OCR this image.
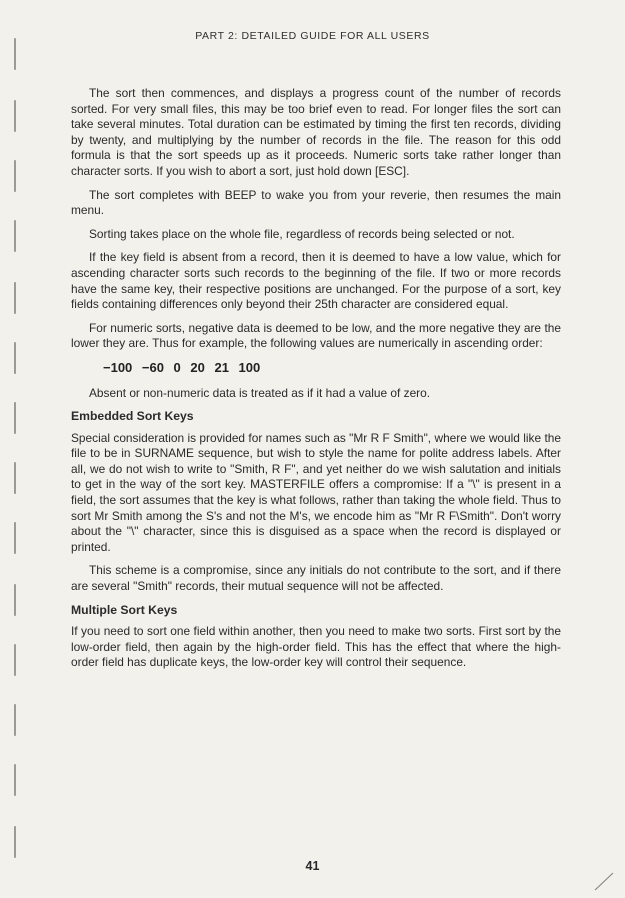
PART 2: DETAILED GUIDE FOR ALL USERS

The sort then commences, and displays a progress count of the number of records sorted. For very small files, this may be too brief even to read. For longer files the sort can take several minutes. Total duration can be estimated by timing the first ten records, dividing by twenty, and multiplying by the number of records in the file. The reason for this odd formula is that the sort speeds up as it proceeds. Numeric sorts take rather longer than character sorts. If you wish to abort a sort, just hold down [ESC].

The sort completes with BEEP to wake you from your reverie, then resumes the main menu.

Sorting takes place on the whole file, regardless of records being selected or not.

If the key field is absent from a record, then it is deemed to have a low value, which for ascending character sorts such records to the beginning of the file. If two or more records have the same key, their respective positions are unchanged. For the purpose of a sort, key fields containing differences only beyond their 25th character are considered equal.

For numeric sorts, negative data is deemed to be low, and the more negative they are the lower they are. Thus for example, the following values are numerically in ascending order:

−100 −60 0 20 21 100

Absent or non-numeric data is treated as if it had a value of zero.

Embedded Sort Keys

Special consideration is provided for names such as "Mr R F Smith", where we would like the file to be in SURNAME sequence, but wish to style the name for polite address labels. After all, we do not wish to write to "Smith, R F", and yet neither do we wish salutation and initials to get in the way of the sort key. MASTERFILE offers a compromise: If a "\" is present in a field, the sort assumes that the key is what follows, rather than taking the whole field. Thus to sort Mr Smith among the S's and not the M's, we encode him as "Mr R F\Smith". Don't worry about the "\" character, since this is disguised as a space when the record is displayed or printed.

This scheme is a compromise, since any initials do not contribute to the sort, and if there are several "Smith" records, their mutual sequence will not be affected.

Multiple Sort Keys

If you need to sort one field within another, then you need to make two sorts. First sort by the low-order field, then again by the high-order field. This has the effect that where the high-order field has duplicate keys, the low-order key will control their sequence.

41
